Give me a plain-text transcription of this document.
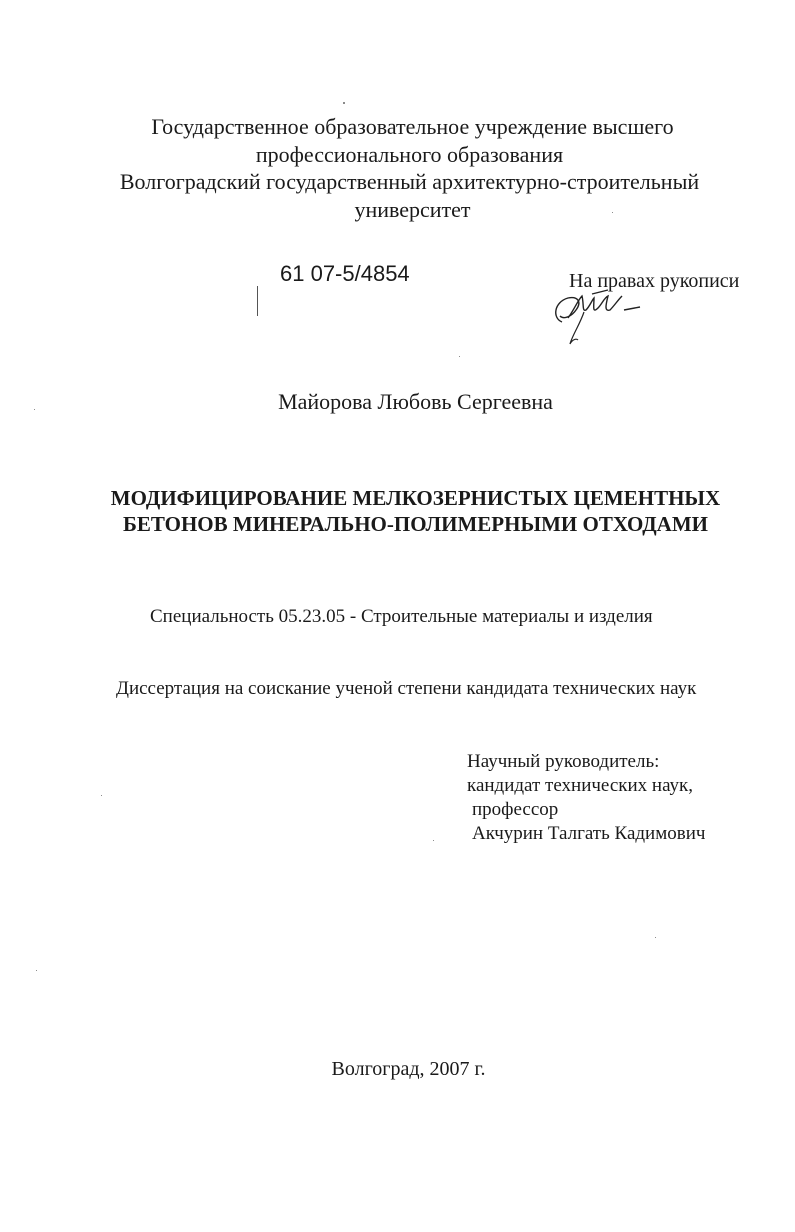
Государственное образовательное учреждение высшего
профессионального образования
Волгоградский государственный архитектурно-строительный
университет
61 07-5/4854	На правах рукописи
Майорова Любовь Сергеевна
МОДИФИЦИРОВАНИЕ МЕЛКОЗЕРНИСТЫХ ЦЕМЕНТНЫХ
БЕТОНОВ МИНЕРАЛЬНО-ПОЛИМЕРНЫМИ ОТХОДАМИ
Специальность 05.23.05 - Строительные материалы и изделия
Диссертация на соискание ученой степени кандидата технических наук
Научный руководитель:
кандидат технических наук,
профессор
Акчурин Талгать Кадимович
Волгоград, 2007 г.
